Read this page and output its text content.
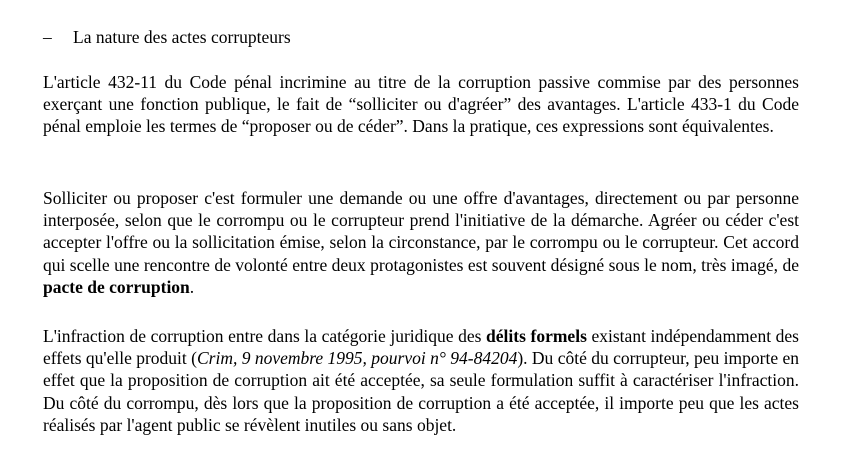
– La nature des actes corrupteurs

L'article 432-11 du Code pénal incrimine au titre de la corruption passive commise par des personnes exerçant une fonction publique, le fait de “solliciter ou d'agréer” des avantages. L'article 433-1 du Code pénal emploie les termes de “proposer ou de céder”. Dans la pratique, ces expressions sont équivalentes.

Solliciter ou proposer c'est formuler une demande ou une offre d'avantages, directement ou par personne interposée, selon que le corrompu ou le corrupteur prend l'initiative de la démarche. Agréer ou céder c'est accepter l'offre ou la sollicitation émise, selon la circonstance, par le corrompu ou le corrupteur. Cet accord qui scelle une rencontre de volonté entre deux protagonistes est souvent désigné sous le nom, très imagé, de pacte de corruption.

L'infraction de corruption entre dans la catégorie juridique des délits formels existant indépendamment des effets qu'elle produit (Crim, 9 novembre 1995, pourvoi n° 94-84204). Du côté du corrupteur, peu importe en effet que la proposition de corruption ait été acceptée, sa seule formulation suffit à caractériser l'infraction. Du côté du corrompu, dès lors que la proposition de corruption a été acceptée, il importe peu que les actes réalisés par l'agent public se révèlent inutiles ou sans objet.
